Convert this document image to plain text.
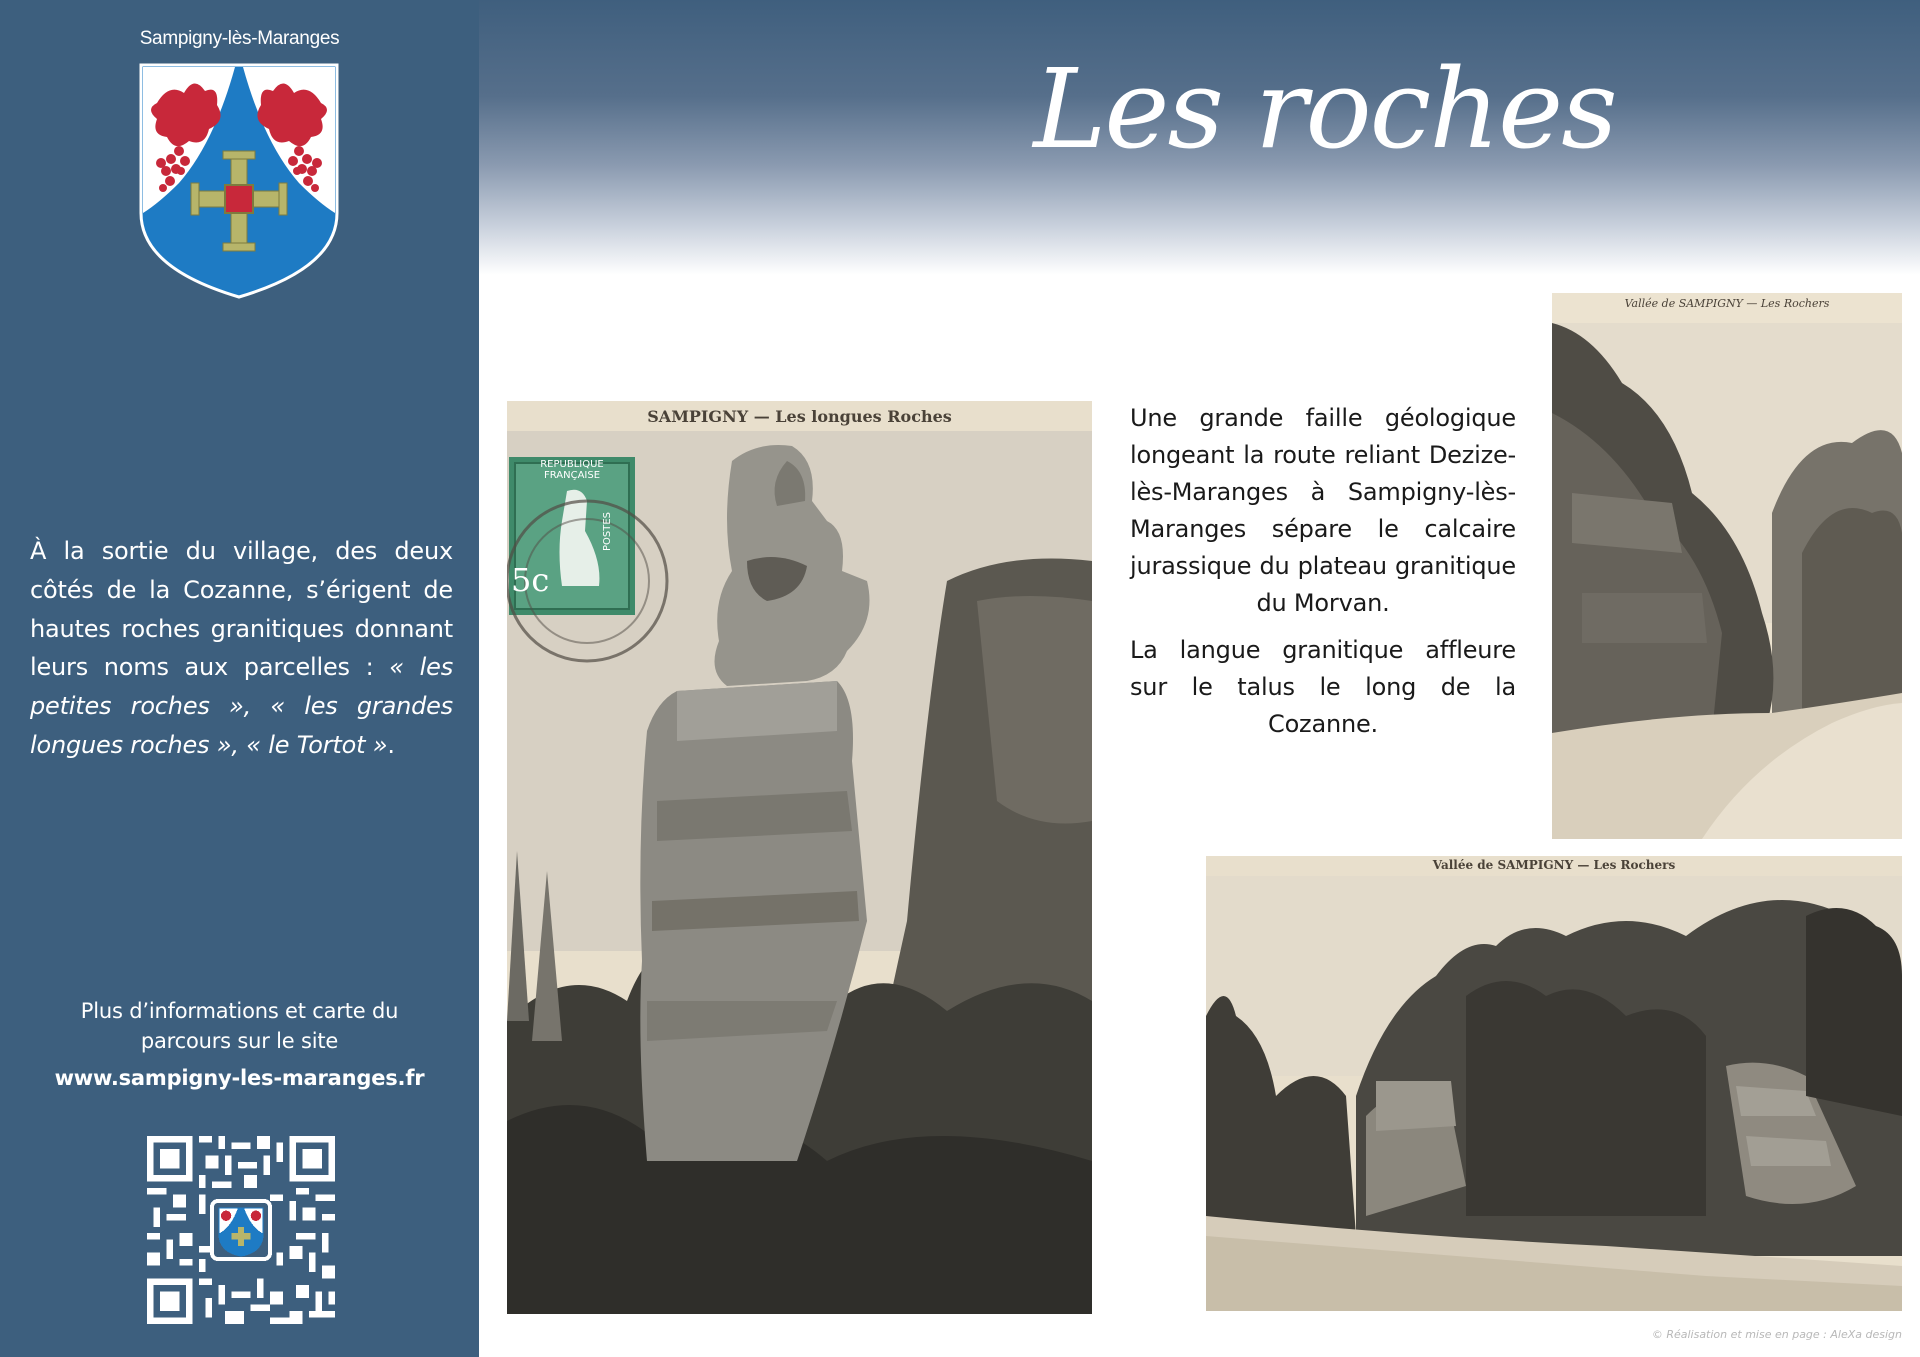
Sampigny-lès-Maranges
À la sortie du village, des deux côtés de la Cozanne, s’érigent de hautes roches granitiques donnant leurs noms aux parcelles : « les petites roches », « les grandes longues roches », « le Tortot ».
Plus d’informations et carte du parcours sur le site
www.sampigny-les-maranges.fr
Les roches
SAMPIGNY — Les longues Roches
REPUBLIQUE FRANÇAISE
5c
POSTES
Vallée de SAMPIGNY — Les Rochers
Vallée de SAMPIGNY — Les Rochers

Une grande faille géologique longeant la route reliant Dezize-lès-Maranges à Sampigny-lès-Maranges sépare le calcaire jurassique du plateau granitique du Morvan.

La langue granitique affleure sur le talus le long de la Cozanne.

© Réalisation et mise en page : AleXa design
